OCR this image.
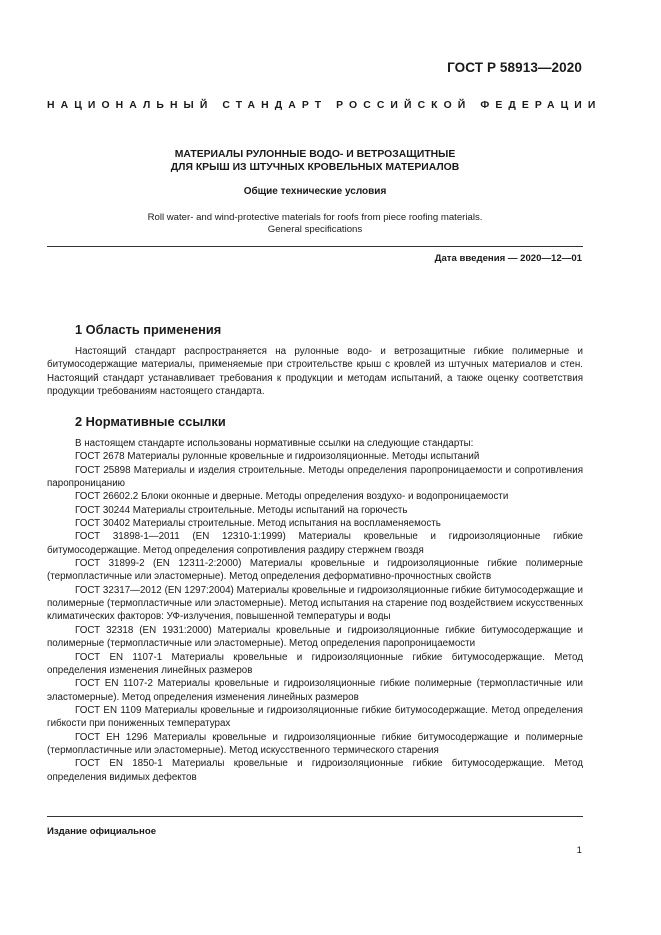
ГОСТ Р 58913—2020
НАЦИОНАЛЬНЫЙ СТАНДАРТ РОССИЙСКОЙ ФЕДЕРАЦИИ
МАТЕРИАЛЫ РУЛОННЫЕ ВОДО- И ВЕТРОЗАЩИТНЫЕ
ДЛЯ КРЫШ ИЗ ШТУЧНЫХ КРОВЕЛЬНЫХ МАТЕРИАЛОВ
Общие технические условия
Roll water- and wind-protective materials for roofs from piece roofing materials.
General specifications
Дата введения — 2020—12—01
1 Область применения

Настоящий стандарт распространяется на рулонные водо- и ветрозащитные гибкие полимерные и битумосодержащие материалы, применяемые при строительстве крыш с кровлей из штучных материалов и стен. Настоящий стандарт устанавливает требования к продукции и методам испытаний, а также оценку соответствия продукции требованиям настоящего стандарта.

2 Нормативные ссылки

В настоящем стандарте использованы нормативные ссылки на следующие стандарты:

ГОСТ 2678 Материалы рулонные кровельные и гидроизоляционные. Методы испытаний

ГОСТ 25898 Материалы и изделия строительные. Методы определения паропроницаемости и сопротивления паропроницанию

ГОСТ 26602.2 Блоки оконные и дверные. Методы определения воздухо- и водопроницаемости

ГОСТ 30244 Материалы строительные. Методы испытаний на горючесть

ГОСТ 30402 Материалы строительные. Метод испытания на воспламеняемость

ГОСТ 31898-1—2011 (EN 12310-1:1999) Материалы кровельные и гидроизоляционные гибкие битумосодержащие. Метод определения сопротивления раздиру стержнем гвоздя

ГОСТ 31899-2 (EN 12311-2:2000) Материалы кровельные и гидроизоляционные гибкие полимерные (термопластичные или эластомерные). Метод определения деформативно-прочностных свойств

ГОСТ 32317—2012 (EN 1297:2004) Материалы кровельные и гидроизоляционные гибкие битумосодержащие и полимерные (термопластичные или эластомерные). Метод испытания на старение под воздействием искусственных климатических факторов: УФ-излучения, повышенной температуры и воды

ГОСТ 32318 (EN 1931:2000) Материалы кровельные и гидроизоляционные гибкие битумосодержащие и полимерные (термопластичные или эластомерные). Метод определения паропроницаемости

ГОСТ EN 1107-1 Материалы кровельные и гидроизоляционные гибкие битумосодержащие. Метод определения изменения линейных размеров

ГОСТ EN 1107-2 Материалы кровельные и гидроизоляционные гибкие полимерные (термопластичные или эластомерные). Метод определения изменения линейных размеров

ГОСТ EN 1109 Материалы кровельные и гидроизоляционные гибкие битумосодержащие. Метод определения гибкости при пониженных температурах

ГОСТ ЕН 1296 Материалы кровельные и гидроизоляционные гибкие битумосодержащие и полимерные (термопластичные или эластомерные). Метод искусственного термического старения

ГОСТ EN 1850-1 Материалы кровельные и гидроизоляционные гибкие битумосодержащие. Метод определения видимых дефектов

Издание официальное
1
